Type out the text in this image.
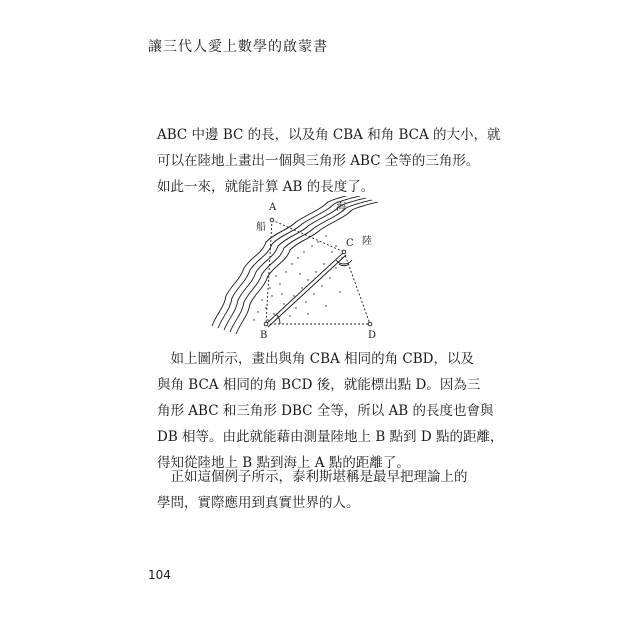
讓三代人愛上數學的啟蒙書
ABC 中邊 BC 的長，以及角 CBA 和角 BCA 的大小，就
可以在陸地上畫出一個與三角形 ABC 全等的三角形。
如此一來，就能計算 AB 的長度了。
A
船
海
陸
C
B	D
　如上圖所示，畫出與角 CBA 相同的角 CBD，以及
與角 BCA 相同的角 BCD 後，就能標出點 D。因為三
角形 ABC 和三角形 DBC 全等，所以 AB 的長度也會與
DB 相等。由此就能藉由測量陸地上 B 點到 D 點的距離，
得知從陸地上 B 點到海上 A 點的距離了。
　正如這個例子所示，泰利斯堪稱是最早把理論上的
學問，實際應用到真實世界的人。
104
